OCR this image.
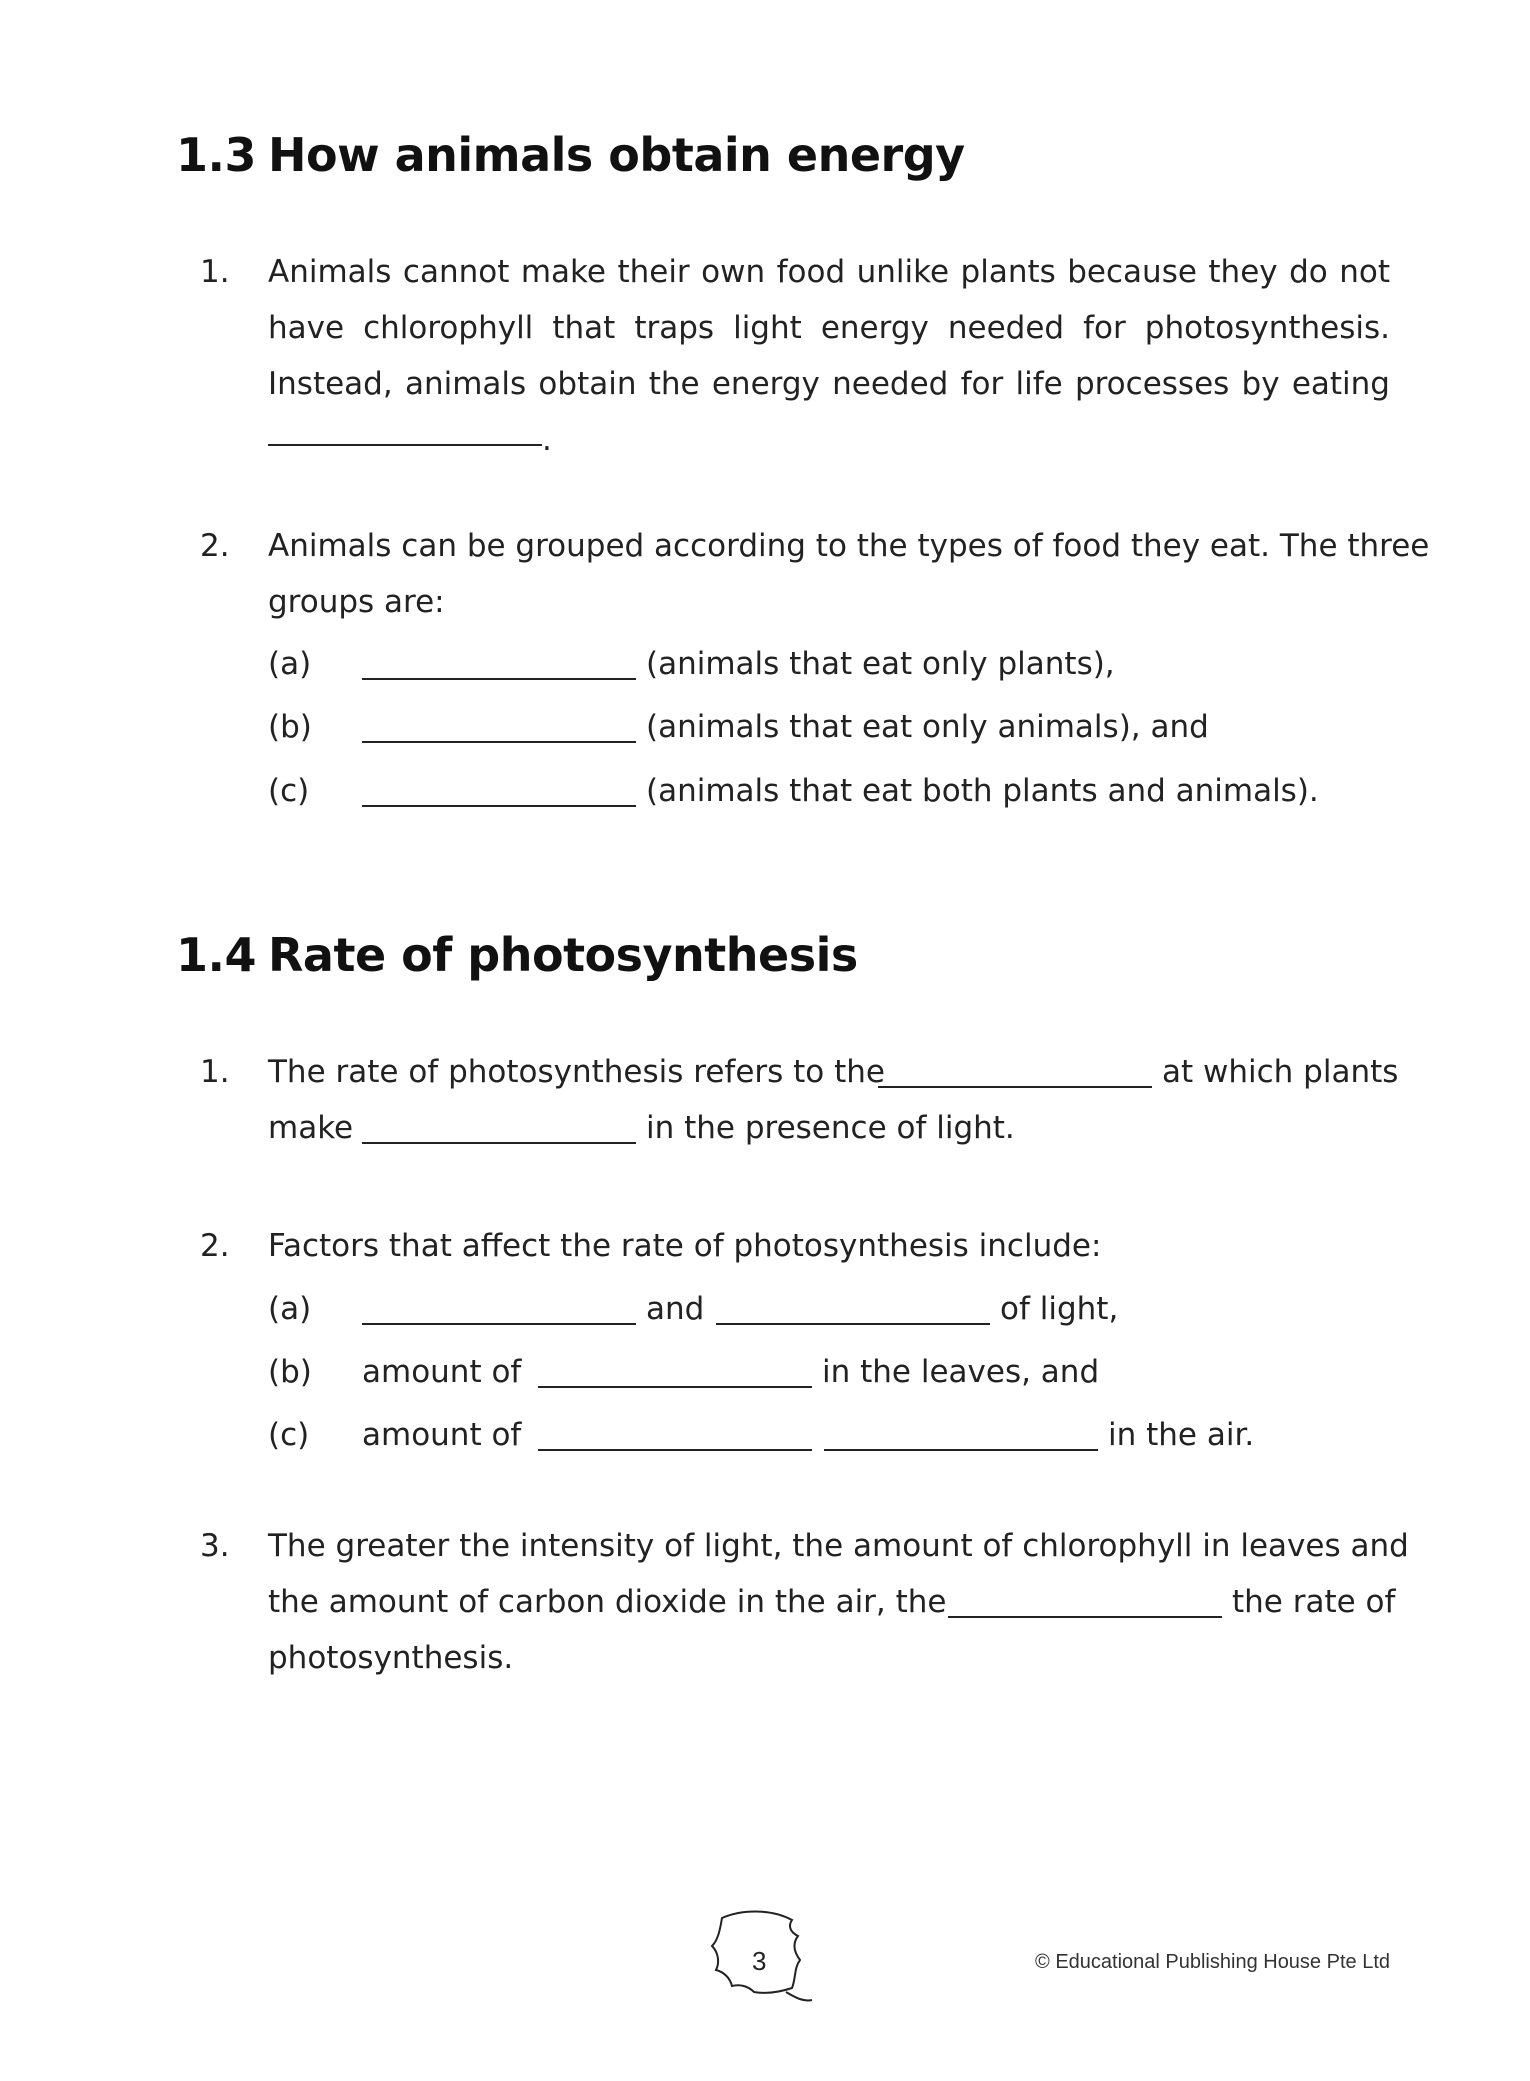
1.3 How animals obtain energy
1. Animals cannot make their own food unlike plants because they do not
have chlorophyll that traps light energy needed for photosynthesis.
Instead, animals obtain the energy needed for life processes by eating
.
2. Animals can be grouped according to the types of food they eat. The three
groups are:
(a)	(animals that eat only plants),
(b)	(animals that eat only animals), and
(c)	(animals that eat both plants and animals).
1.4 Rate of photosynthesis
1. The rate of photosynthesis refers to the	at which plants
make	in the presence of light.
2. Factors that affect the rate of photosynthesis include:
(a)	and	of light,
(b) amount of	in the leaves, and
(c) amount of	in the air.
3. The greater the intensity of light, the amount of chlorophyll in leaves and
the amount of carbon dioxide in the air, the	the rate of
photosynthesis.
3	© Educational Publishing House Pte Ltd
